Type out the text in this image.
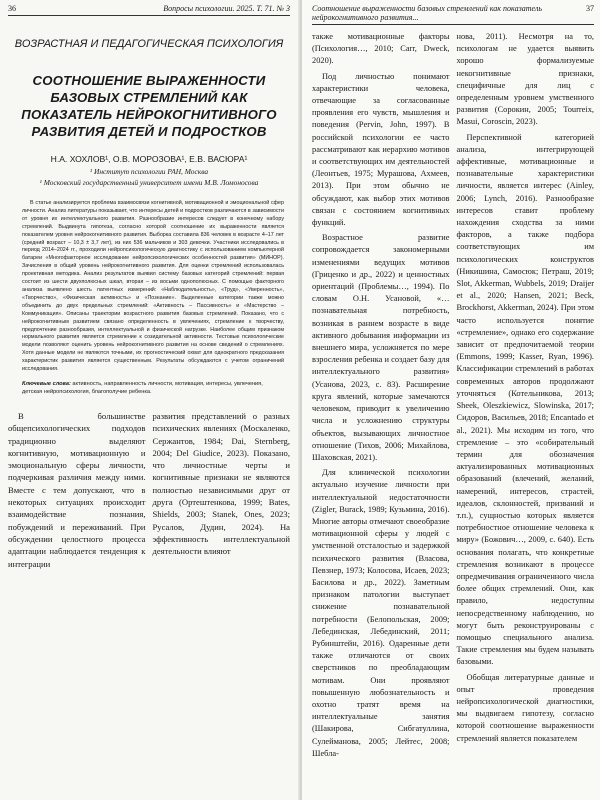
36	Вопросы психологии. 2025. Т. 71. № 3
ВОЗРАСТНАЯ И ПЕДАГОГИЧЕСКАЯ ПСИХОЛОГИЯ
СООТНОШЕНИЕ ВЫРАЖЕННОСТИ БАЗОВЫХ СТРЕМЛЕНИЙ КАК ПОКАЗАТЕЛЬ НЕЙРОКОГНИТИВНОГО РАЗВИТИЯ ДЕТЕЙ И ПОДРОСТКОВ
Н.А. ХОХЛОВ¹, О.В. МОРОЗОВА¹, Е.В. ВАСЮРА¹
¹ Институт психологии РАН, Москва
¹ Московский государственный университет имени М.В. Ломоносова

В статье анализируется проблема взаимосвязи когнитивной, мотивационной и эмоциональной сфер личности. Анализ литературы показывает, что интересы детей и подростков различаются в зависимости от уровня их интеллектуального развития. Разнообразие интересов следует в конечному набору стремлений. Выдвинута гипотеза, согласно которой соотношение их выраженности является показателем уровня нейрокогнитивного развития. Выборка составила 836 человек в возрасте 4–17 лет (средний возраст – 10,3 ± 3,7 лет), из них 536 мальчиков и 303 девочки. Участники исследовались в период 2014–2024 гг., проходили нейропсихологическую диагностику с использованием компьютерной батареи «Многофакторное исследование нейропсихологических особенностей развития» (МИНОР). Зачисления в общий уровень нейрокогнитивного развития. Для оценки стремлений использовалась проективная методика. Анализ результатов выявил систему базовых категорий стремлений: первая состоит из шести двухполюсных шкал, вторая – из восьми однополюсных. С помощью факторного анализа выявлено шесть латентных измерений: «Наблюдательность», «Труд», «Уверенность», «Творчество», «Физическая активность» и «Познание». Выделенные категории также можно объединить до двух предельных стремлений: «Активность – Пассивность» и «Мастерство – Коммуникация». Описаны траектории возрастного развития базовых стремлений. Показано, что с нейрокогнитивным развитием связано определенность в увлечениях, стремление к творчеству, предпочтение разнообразия, интеллектуальной и физической нагрузке. Наиболее общим признаком нормального развития является стремление к созидательной активности. Тестовые психологические модели позволяют оценить уровень нейрокогнитивного развития на основе сведений о стремлениях. Хотя данные модели не являются точными, их прогностический охват для однократного предсказания характеристик развития является существенным. Результаты обсуждаются с учетом ограничений исследования.

Ключевые слова: активность, направленность личности, мотивация, интересы, увлечения, детская нейропсихология, благополучие ребенка.

В большинстве общепсихологических подходов традиционно выделяют когнитивную, мотивационную и эмоциональную сферы личности, подчеркивая различия между ними. Вместе с тем допускают, что в некоторых ситуациях происходит взаимодействие познания, побуждений и переживаний. При обсуждении целостного процесса адаптации наблюдается тенденция к интеграции

развития представлений о разных психических явлениях (Москаленко, Сержантов, 1984; Dai, Sternberg, 2004; Del Giudice, 2023). Показано, что личностные черты и когнитивные признаки не являются полностью независимыми друг от друга (Ортештенкова, 1999; Bates, Shields, 2003; Stanek, Ones, 2023; Русалов, Дудин, 2024). На эффективность интеллектуальной деятельности влияют

Соотношение выраженности базовых стремлений как показатель нейрокогнитивного развития...
37

также мотивационные факторы (Психология…, 2010; Carr, Dweck, 2020).

Под личностью понимают характеристики человека, отвечающие за согласованные проявления его чувств, мышления и поведения (Pervin, John, 1997). В российской психологии ее часто рассматривают как иерархию мотивов и соответствующих им деятельностей (Леонтьев, 1975; Мурашова, Ахмеев, 2013). При этом обычно не обсуждают, как выбор этих мотивов связан с состоянием когнитивных функций.

Возрастное развитие сопровождается закономерными изменениями ведущих мотивов (Гриценко и др., 2022) и ценностных ориентаций (Проблемы…, 1994). По словам О.Н. Усановой, «…познавательная потребность, возникая в раннем возрасте в виде активного добывания информации из внешнего мира, усложняется по мере взросления ребенка и создает базу для интеллектуального развития» (Усанова, 2023, с. 83). Расширение круга явлений, которые замечаются человеком, приводит к увеличению числа и усложнению структуры объектов, вызывающих личностное отношение (Тихов, 2006; Михайлова, Шаховская, 2021).

Для клинической психологии актуально изучение личности при интеллектуальной недостаточности (Zigler, Burack, 1989; Кузьмина, 2016). Многие авторы отмечают своеобразие мотивационной сферы у людей с умственной отсталостью и задержкой психического развития (Власова, Певзнер, 1973; Колосова, Исаев, 2023; Басилова и др., 2022). Заметным признаком патологии выступает снижение познавательной потребности (Белопольская, 2009; Лебединская, Лебединский, 2011; Рубинштейн, 2016). Одаренные дети также отличаются от своих сверстников по преобладающим мотивам. Они проявляют повышенную любознательность и охотно тратят время на интеллектуальные занятия (Шакирова, Сибгатуллина, Сулейманова, 2005; Лейтес, 2008; Шебла-

нова, 2011). Несмотря на то, психологам не удается выявить хорошо формализуемые некогнитивные признаки, специфичные для лиц с определенным уровнем умственного развития (Сорокин, 2005; Tourreix, Masui, Coroscin, 2023).

Перспективной категорией анализа, интегрирующей аффективные, мотивационные и познавательные характеристики личности, является интерес (Ainley, 2006; Lynch, 2016). Разнообразие интересов ставит проблему нахождения сходства за ними факторов, а также подбора соответствующих им психологических конструктов (Никишина, Самосюк; Петраш, 2019; Slot, Akkerman, Wubbels, 2019; Draijer et al., 2020; Hansen, 2021; Beck, Brockhorst, Akkerman, 2024). При этом часто используется понятие «стремление», однако его содержание зависит от предпочитаемой теории (Emmons, 1999; Kasser, Ryan, 1996). Классификации стремлений в работах современных авторов продолжают уточняться (Котельникова, 2013; Sheek, Oleszkiewicz, Slowinska, 2017; Сидоров, Васильев, 2018; Encantado et al., 2021). Мы исходим из того, что стремление – это «собирательный термин для обозначения актуализированных мотивационных образований (влечений, желаний, намерений, интересов, страстей, идеалов, склонностей, призваний и т.п.), сущностью которых является потребностное отношение человека к миру» (Божович…, 2009, с. 640). Есть основания полагать, что конкретные стремления возникают в процессе опредмечивания ограниченного числа более общих стремлений. Они, как правило, недоступны непосредственному наблюдению, но могут быть реконструированы с помощью специального анализа. Такие стремления мы будем называть базовыми.

Обобщая литературные данные и опыт проведения нейропсихологической диагностики, мы выдвигаем гипотезу, согласно которой соотношение выраженности стремлений является показателем
